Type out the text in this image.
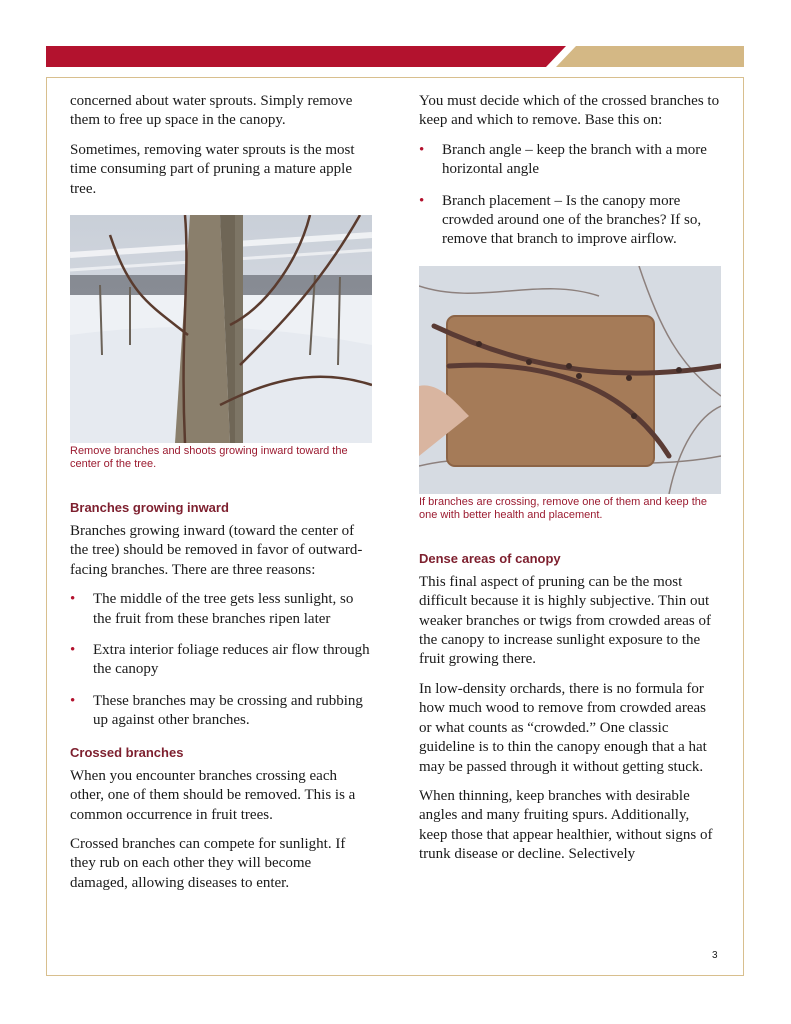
concerned about water sprouts. Simply remove them to free up space in the canopy.

Sometimes, removing water sprouts is the most time consuming part of pruning a mature apple tree.

Remove branches and shoots growing inward toward the center of the tree.
Branches growing inward

Branches growing inward (toward the center of the tree) should be removed in favor of outward-facing branches. There are three reasons:

• The middle of the tree gets less sunlight, so the fruit from these branches ripen later
• Extra interior foliage reduces air flow through the canopy
• These branches may be crossing and rubbing up against other branches.
Crossed branches

When you encounter branches crossing each other, one of them should be removed. This is a common occurrence in fruit trees.

Crossed branches can compete for sunlight. If they rub on each other they will become damaged, allowing diseases to enter.

You must decide which of the crossed branches to keep and which to remove. Base this on:

• Branch angle – keep the branch with a more horizontal angle
• Branch placement – Is the canopy more crowded around one of the branches? If so, remove that branch to improve airflow.
If branches are crossing, remove one of them and keep the one with better health and placement.
Dense areas of canopy

This final aspect of pruning can be the most difficult because it is highly subjective. Thin out weaker branches or twigs from crowded areas of the canopy to increase sunlight exposure to the fruit growing there.

In low-density orchards, there is no formula for how much wood to remove from crowded areas or what counts as “crowded.” One classic guideline is to thin the canopy enough that a hat may be passed through it without getting stuck.

When thinning, keep branches with desirable angles and many fruiting spurs. Additionally, keep those that appear healthier, without signs of trunk disease or decline. Selectively

3
